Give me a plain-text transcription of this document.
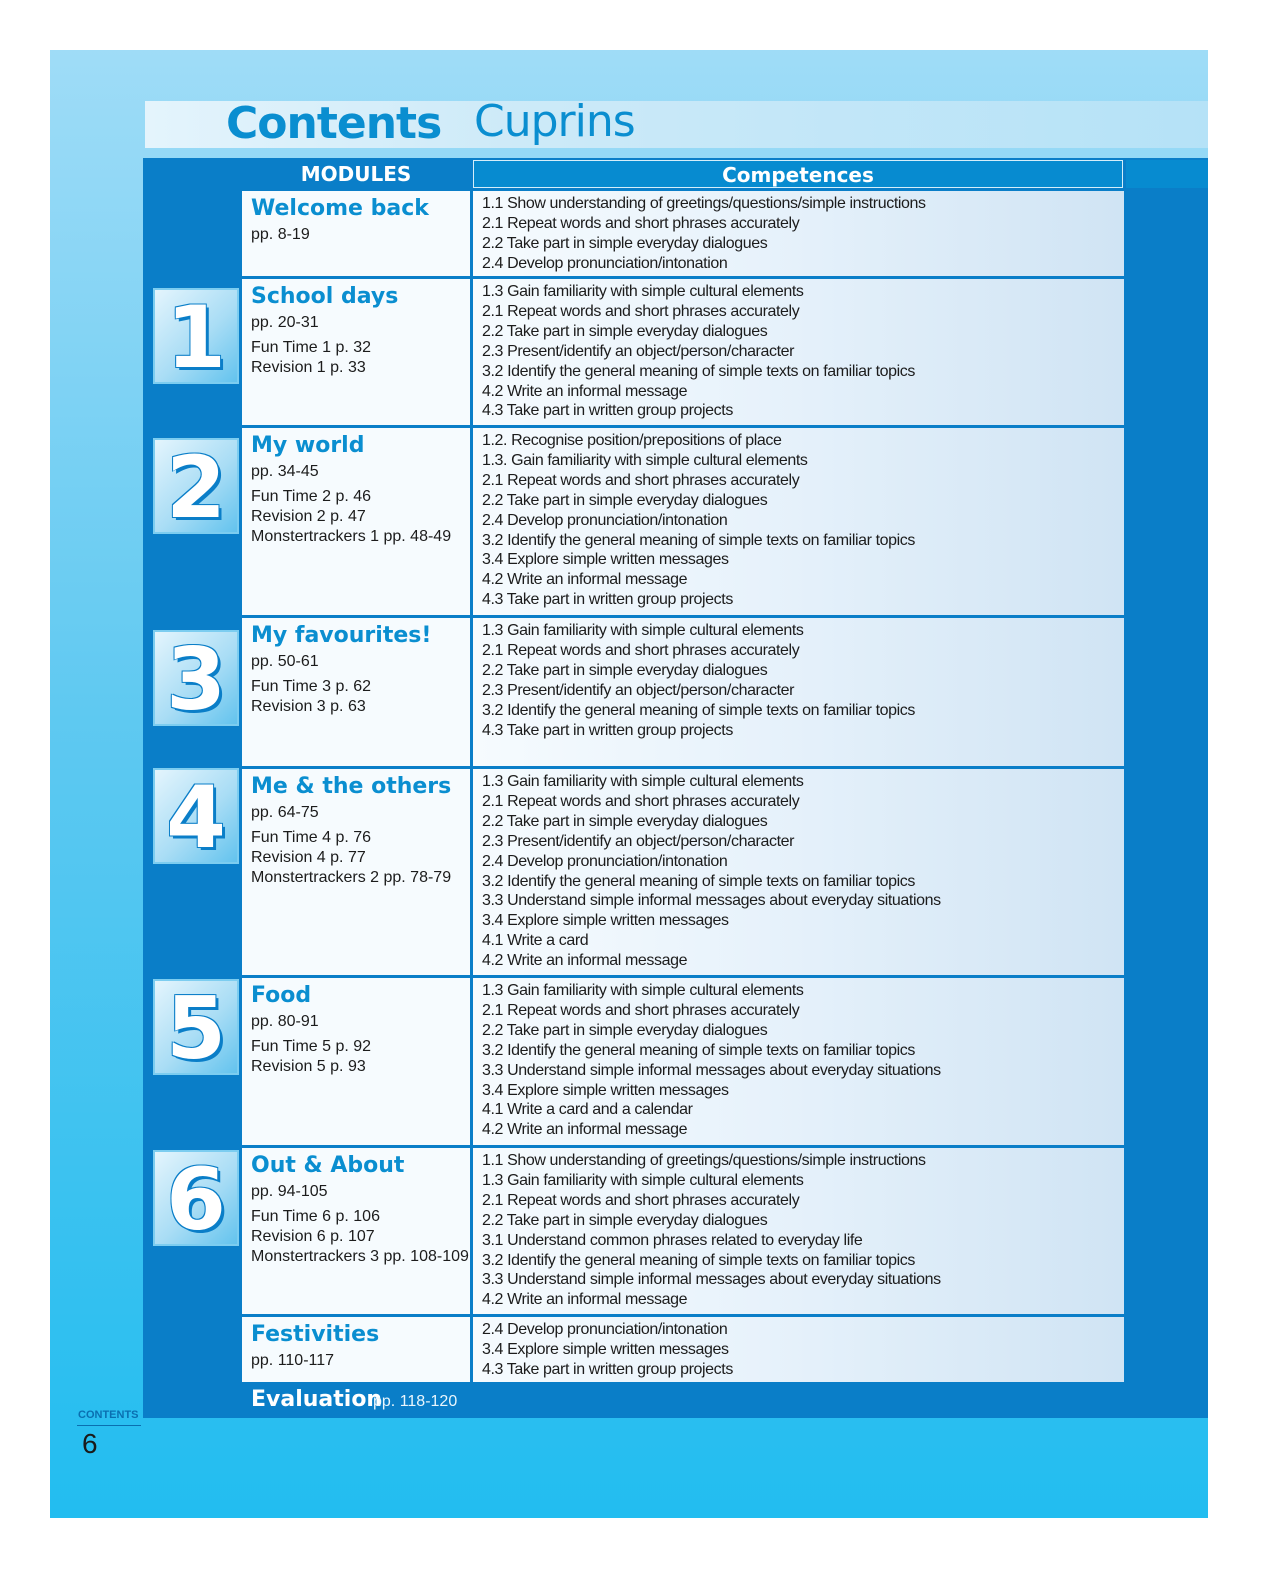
Contents Cuprins
MODULES	Competences
Welcome back
pp. 8-19
1.1 Show understanding of greetings/questions/simple instructions
2.1 Repeat words and short phrases accurately
2.2 Take part in simple everyday dialogues
2.4 Develop pronunciation/intonation
School days
pp. 20-31
Fun Time 1 p. 32
Revision 1 p. 33
1.3 Gain familiarity with simple cultural elements
2.1 Repeat words and short phrases accurately
2.2 Take part in simple everyday dialogues
2.3 Present/identify an object/person/character
3.2 Identify the general meaning of simple texts on familiar topics
4.2 Write an informal message
4.3 Take part in written group projects
My world
pp. 34-45
Fun Time 2 p. 46
Revision 2 p. 47
Monstertrackers 1 pp. 48-49
1.2. Recognise position/prepositions of place
1.3. Gain familiarity with simple cultural elements
2.1 Repeat words and short phrases accurately
2.2 Take part in simple everyday dialogues
2.4 Develop pronunciation/intonation
3.2 Identify the general meaning of simple texts on familiar topics
3.4 Explore simple written messages
4.2 Write an informal message
4.3 Take part in written group projects
My favourites!
pp. 50-61
Fun Time 3 p. 62
Revision 3 p. 63
1.3 Gain familiarity with simple cultural elements
2.1 Repeat words and short phrases accurately
2.2 Take part in simple everyday dialogues
2.3 Present/identify an object/person/character
3.2 Identify the general meaning of simple texts on familiar topics
4.3 Take part in written group projects
Me & the others
pp. 64-75
Fun Time 4 p. 76
Revision 4 p. 77
Monstertrackers 2 pp. 78-79
1.3 Gain familiarity with simple cultural elements
2.1 Repeat words and short phrases accurately
2.2 Take part in simple everyday dialogues
2.3 Present/identify an object/person/character
2.4 Develop pronunciation/intonation
3.2 Identify the general meaning of simple texts on familiar topics
3.3 Understand simple informal messages about everyday situations
3.4 Explore simple written messages
4.1 Write a card
4.2 Write an informal message
Food
pp. 80-91
Fun Time 5 p. 92
Revision 5 p. 93
1.3 Gain familiarity with simple cultural elements
2.1 Repeat words and short phrases accurately
2.2 Take part in simple everyday dialogues
3.2 Identify the general meaning of simple texts on familiar topics
3.3 Understand simple informal messages about everyday situations
3.4 Explore simple written messages
4.1 Write a card and a calendar
4.2 Write an informal message
Out & About
pp. 94-105
Fun Time 6 p. 106
Revision 6 p. 107
Monstertrackers 3 pp. 108-109
1.1 Show understanding of greetings/questions/simple instructions
1.3 Gain familiarity with simple cultural elements
2.1 Repeat words and short phrases accurately
2.2 Take part in simple everyday dialogues
3.1 Understand common phrases related to everyday life
3.2 Identify the general meaning of simple texts on familiar topics
3.3 Understand simple informal messages about everyday situations
4.2 Write an informal message
Festivities
pp. 110-117
2.4 Develop pronunciation/intonation
3.4 Explore simple written messages
4.3 Take part in written group projects
Evaluation
pp. 118-120
CONTENTS
6
1
2
3
4
5
6
